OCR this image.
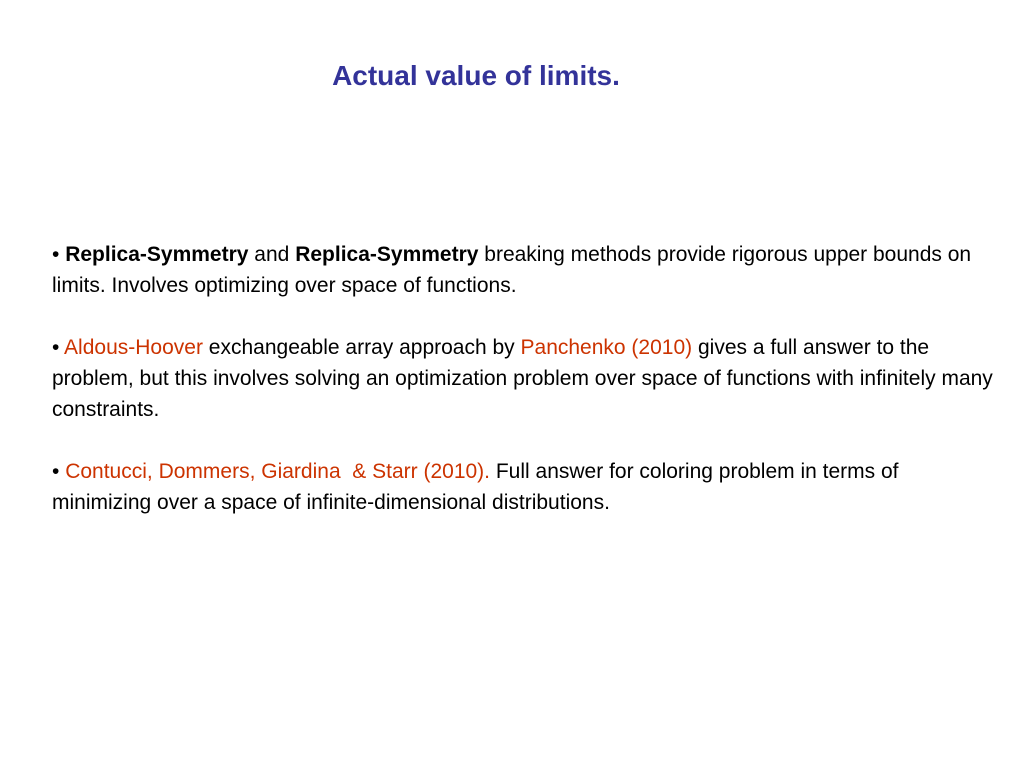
Actual value of limits.

• Replica-Symmetry and Replica-Symmetry breaking methods provide rigorous upper bounds on limits. Involves optimizing over space of functions.

• Aldous-Hoover exchangeable array approach by Panchenko (2010) gives a full answer to the problem, but this involves solving an optimization problem over space of functions with infinitely many constraints.

• Contucci, Dommers, Giardina  & Starr (2010). Full answer for coloring problem in terms of minimizing over a space of infinite-dimensional distributions.
